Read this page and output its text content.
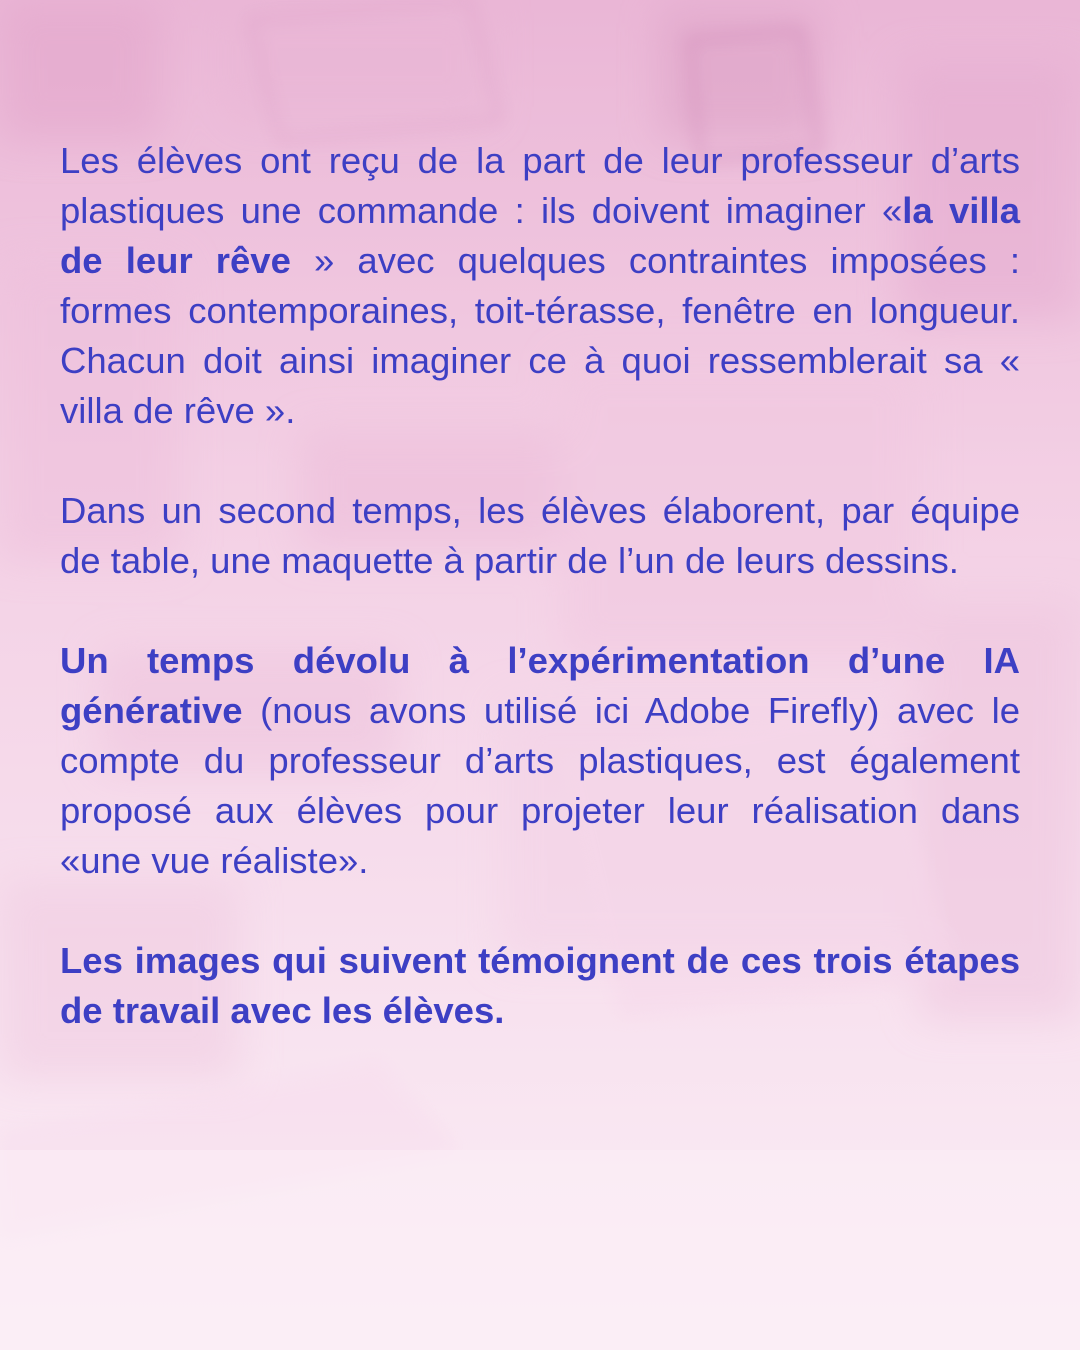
Les élèves ont reçu de la part de leur professeur d’arts plastiques une commande : ils doivent imaginer «la villa de leur rêve » avec quelques contraintes imposées : formes contemporaines, toit-térasse, fenêtre en longueur. Chacun doit ainsi imaginer ce à quoi ressemblerait sa « villa de rêve ».

Dans un second temps, les élèves élaborent, par équipe de table, une maquette à partir de l’un de leurs dessins.

Un temps dévolu à l’expérimentation d’une IA générative (nous avons utilisé ici Adobe Firefly) avec le compte du professeur d’arts plastiques, est également proposé aux élèves pour projeter leur réalisation dans «une vue réaliste».

Les images qui suivent témoignent de ces trois étapes de travail avec les élèves.
